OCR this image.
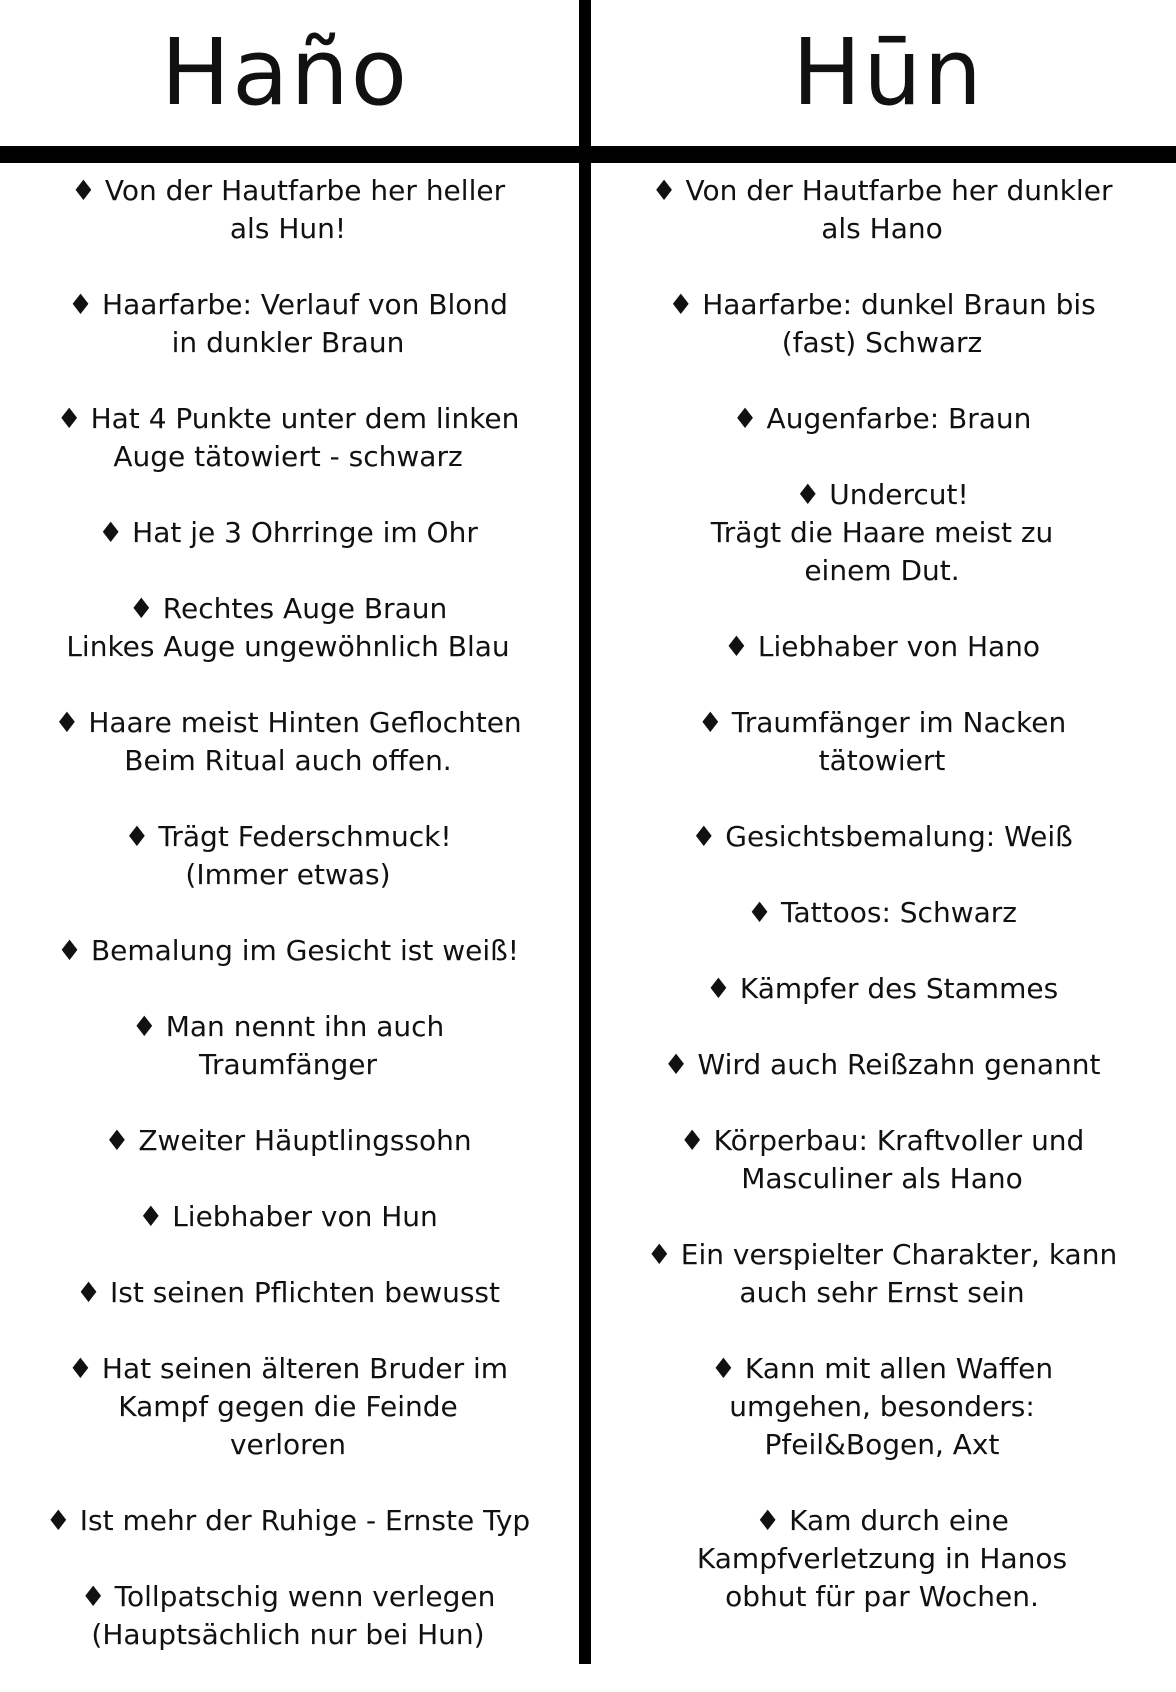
Haño	Hūn
♦ Von der Hautfarbe her heller
als Hun!
♦ Haarfarbe: Verlauf von Blond
in dunkler Braun
♦ Hat 4 Punkte unter dem linken
Auge tätowiert - schwarz
♦ Hat je 3 Ohrringe im Ohr
♦ Rechtes Auge Braun
Linkes Auge ungewöhnlich Blau
♦ Haare meist Hinten Geflochten
Beim Ritual auch offen.
♦ Trägt Federschmuck!
(Immer etwas)
♦ Bemalung im Gesicht ist weiß!
♦ Man nennt ihn auch
Traumfänger
♦ Zweiter Häuptlingssohn
♦ Liebhaber von Hun
♦ Ist seinen Pflichten bewusst
♦ Hat seinen älteren Bruder im
Kampf gegen die Feinde
verloren
♦ Ist mehr der Ruhige - Ernste Typ
♦ Tollpatschig wenn verlegen
(Hauptsächlich nur bei Hun)
♦ Von der Hautfarbe her dunkler
als Hano
♦ Haarfarbe: dunkel Braun bis
(fast) Schwarz
♦ Augenfarbe: Braun
♦ Undercut!
Trägt die Haare meist zu
einem Dut.
♦ Liebhaber von Hano
♦ Traumfänger im Nacken
tätowiert
♦ Gesichtsbemalung: Weiß
♦ Tattoos: Schwarz
♦ Kämpfer des Stammes
♦ Wird auch Reißzahn genannt
♦ Körperbau: Kraftvoller und
Masculiner als Hano
♦ Ein verspielter Charakter, kann
auch sehr Ernst sein
♦ Kann mit allen Waffen
umgehen, besonders:
Pfeil&Bogen, Axt
♦ Kam durch eine
Kampfverletzung in Hanos
obhut für par Wochen.
